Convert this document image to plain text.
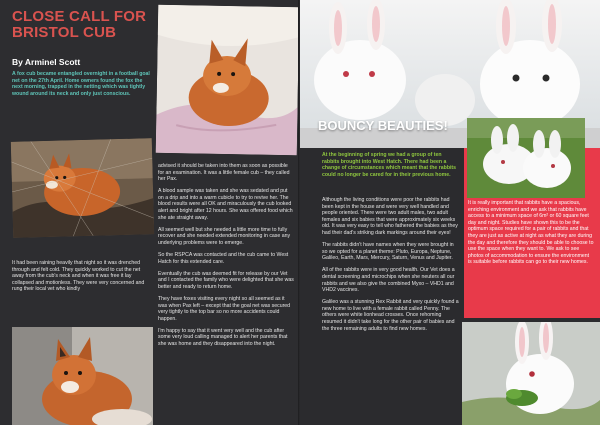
CLOSE CALL FOR BRISTOL CUB
By Arminel Scott
A fox cub became entangled overnight in a football goal net on the 27th April. Home owners found the fox the next morning, trapped in the netting which was tightly wound around its neck and only just conscious.

It had been raining heavily that night so it was drenched through and felt cold. They quickly worked to cut the net away from the cub's neck and when it was free it lay collapsed and motionless. They were very concerned and rung their local vet who kindly

advised it should be taken into them as soon as possible for an examination. It was a little female cub – they called her Pax.

A blood sample was taken and she was sedated and put on a drip and into a warm cubicle to try to revive her. The blood results were all OK and miraculously the cub looked alert and bright after 12 hours. She was offered food which she ate straight away.

All seemed well but she needed a little more time to fully recover and she needed extended monitoring in case any underlying problems were to emerge.

So the RSPCA was contacted and the cub came to West Hatch for this extended care.

Eventually the cub was deemed fit for release by our Vet and I contacted the family who were delighted that she was better and ready to return home.

They have foxes visiting every night so all seemed as it was when Pax left – except that the goal net was secured very tightly to the top bar so no more accidents could happen.

I'm happy to say that it went very well and the cub after some very loud calling managed to alert her parents that she was home and they disappeared into the night.

BOUNCY BEAUTIES!
At the beginning of spring we had a group of ten rabbits brought into West Hatch. There had been a change of circumstances which meant that the rabbits could no longer be cared for in their previous home.

Although the living conditions were poor the rabbits had been kept in the house and were very well handled and people oriented. There were two adult males, two adult females and six babies that were approximately six weeks old. It was very easy to tell who fathered the babies as they had their dad's striking dark markings around their eyes!

The rabbits didn't have names when they were brought in so we opted for a planet theme: Pluto, Europa, Neptune, Galileo, Earth, Mars, Mercury, Saturn, Venus and Jupiter.

All of the rabbits were in very good health. Our Vet does a dental screening and microchips when she neuters all our rabbits and we also give the combined Myxo – VHD1 and VHD2 vaccines.

Galileo was a stunning Rex Rabbit and very quickly found a new home to live with a female rabbit called Penny. The others were white lionhead crosses. Once rehoming resumed it didn't take long for the other pair of babies and the three remaining adults to find new homes.

It is really important that rabbits have a spacious, enriching environment and we ask that rabbits have access to a minimum space of 6m² or 60 square feet day and night. Studies have shown this to be the optimum space required for a pair of rabbits and that they are just as active at night as what they are during the day and therefore they should be able to choose to use the space when they want to. We ask to see photos of accommodation to ensure the environment is suitable before rabbits can go to their new homes.
